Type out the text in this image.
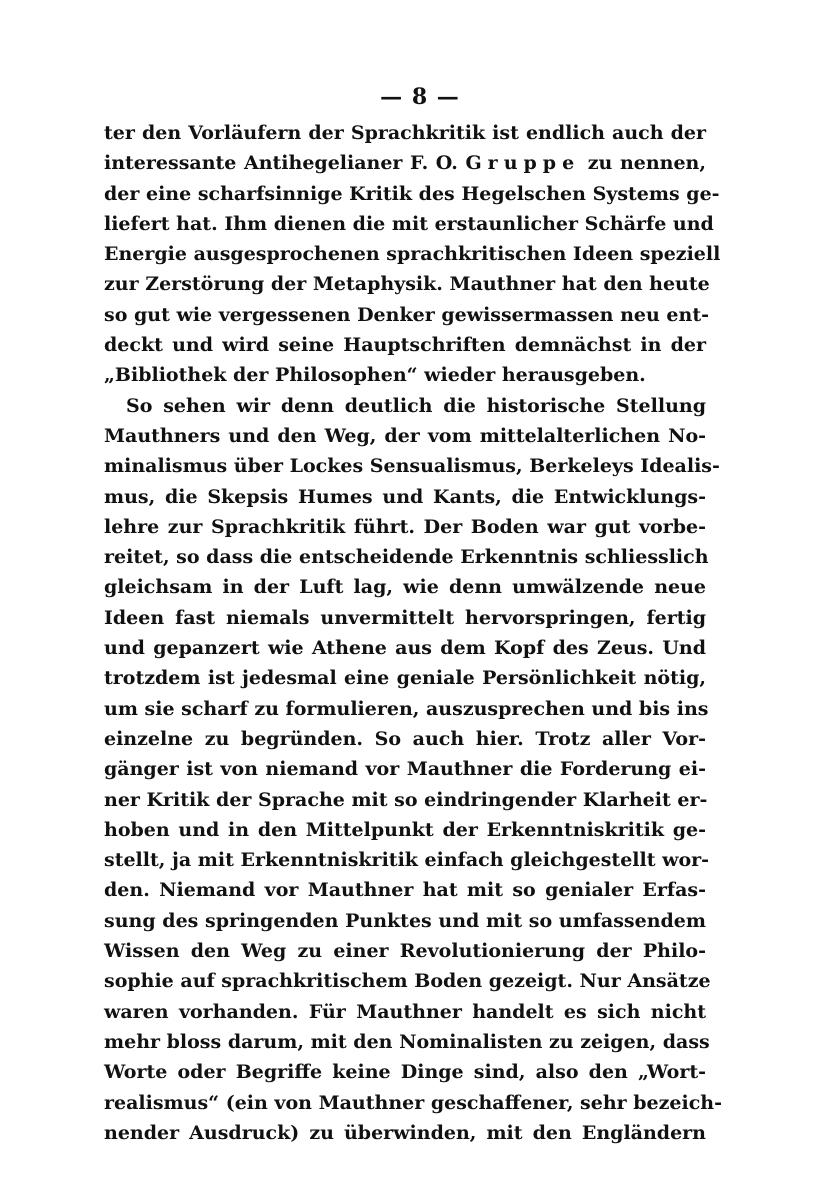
— 8 —
ter den Vorläufern der Sprachkritik ist endlich auch der
interessante Antihegelianer F. O. Gruppe zu nennen,
der eine scharfsinnige Kritik des Hegelschen Systems ge-
liefert hat. Ihm dienen die mit erstaunlicher Schärfe und
Energie ausgesprochenen sprachkritischen Ideen speziell
zur Zerstörung der Metaphysik. Mauthner hat den heute
so gut wie vergessenen Denker gewissermassen neu ent-
deckt und wird seine Hauptschriften demnächst in der
„Bibliothek der Philosophen“ wieder herausgeben.
So sehen wir denn deutlich die historische Stellung
Mauthners und den Weg, der vom mittelalterlichen No-
minalismus über Lockes Sensualismus, Berkeleys Idealis-
mus, die Skepsis Humes und Kants, die Entwicklungs-
lehre zur Sprachkritik führt. Der Boden war gut vorbe-
reitet, so dass die entscheidende Erkenntnis schliesslich
gleichsam in der Luft lag, wie denn umwälzende neue
Ideen fast niemals unvermittelt hervorspringen, fertig
und gepanzert wie Athene aus dem Kopf des Zeus. Und
trotzdem ist jedesmal eine geniale Persönlichkeit nötig,
um sie scharf zu formulieren, auszusprechen und bis ins
einzelne zu begründen. So auch hier. Trotz aller Vor-
gänger ist von niemand vor Mauthner die Forderung ei-
ner Kritik der Sprache mit so eindringender Klarheit er-
hoben und in den Mittelpunkt der Erkenntniskritik ge-
stellt, ja mit Erkenntniskritik einfach gleichgestellt wor-
den. Niemand vor Mauthner hat mit so genialer Erfas-
sung des springenden Punktes und mit so umfassendem
Wissen den Weg zu einer Revolutionierung der Philo-
sophie auf sprachkritischem Boden gezeigt. Nur Ansätze
waren vorhanden. Für Mauthner handelt es sich nicht
mehr bloss darum, mit den Nominalisten zu zeigen, dass
Worte oder Begriffe keine Dinge sind, also den „Wort-
realismus“ (ein von Mauthner geschaffener, sehr bezeich-
nender Ausdruck) zu überwinden, mit den Engländern
